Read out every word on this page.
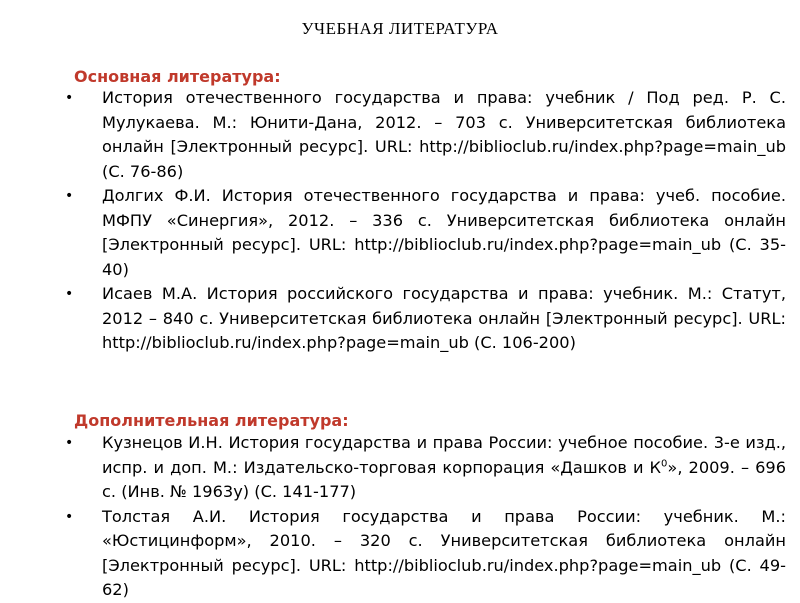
УЧЕБНАЯ ЛИТЕРАТУРА
Основная литература:
• История отечественного государства и права: учебник / Под ред. Р. С. Мулукаева. М.: Юнити-Дана, 2012. – 703 с. Университетская библиотека онлайн [Электронный ресурс]. URL: http://biblioclub.ru/index.php?page=main_ub (С. 76-86)
• Долгих Ф.И. История отечественного государства и права: учеб. пособие. МФПУ «Синергия», 2012. – 336 с. Университетская библиотека онлайн [Электронный ресурс]. URL: http://biblioclub.ru/index.php?page=main_ub (С. 35-40)
• Исаев М.А. История российского государства и права: учебник. М.: Статут, 2012 – 840 с. Университетская библиотека онлайн [Электронный ресурс]. URL: http://biblioclub.ru/index.php?page=main_ub (С. 106-200)
Дополнительная литература:
• Кузнецов И.Н. История государства и права России: учебное пособие. 3-е изд., испр. и доп. М.: Издательско-торговая корпорация «Дашков и $К^0$», 2009. – 696 с. (Инв. № 1963у) (С. 141-177)
• Толстая А.И. История государства и права России: учебник. М.: «Юстицинформ», 2010. – 320 с. Университетская библиотека онлайн [Электронный ресурс]. URL: http://biblioclub.ru/index.php?page=main_ub (С. 49-62)
